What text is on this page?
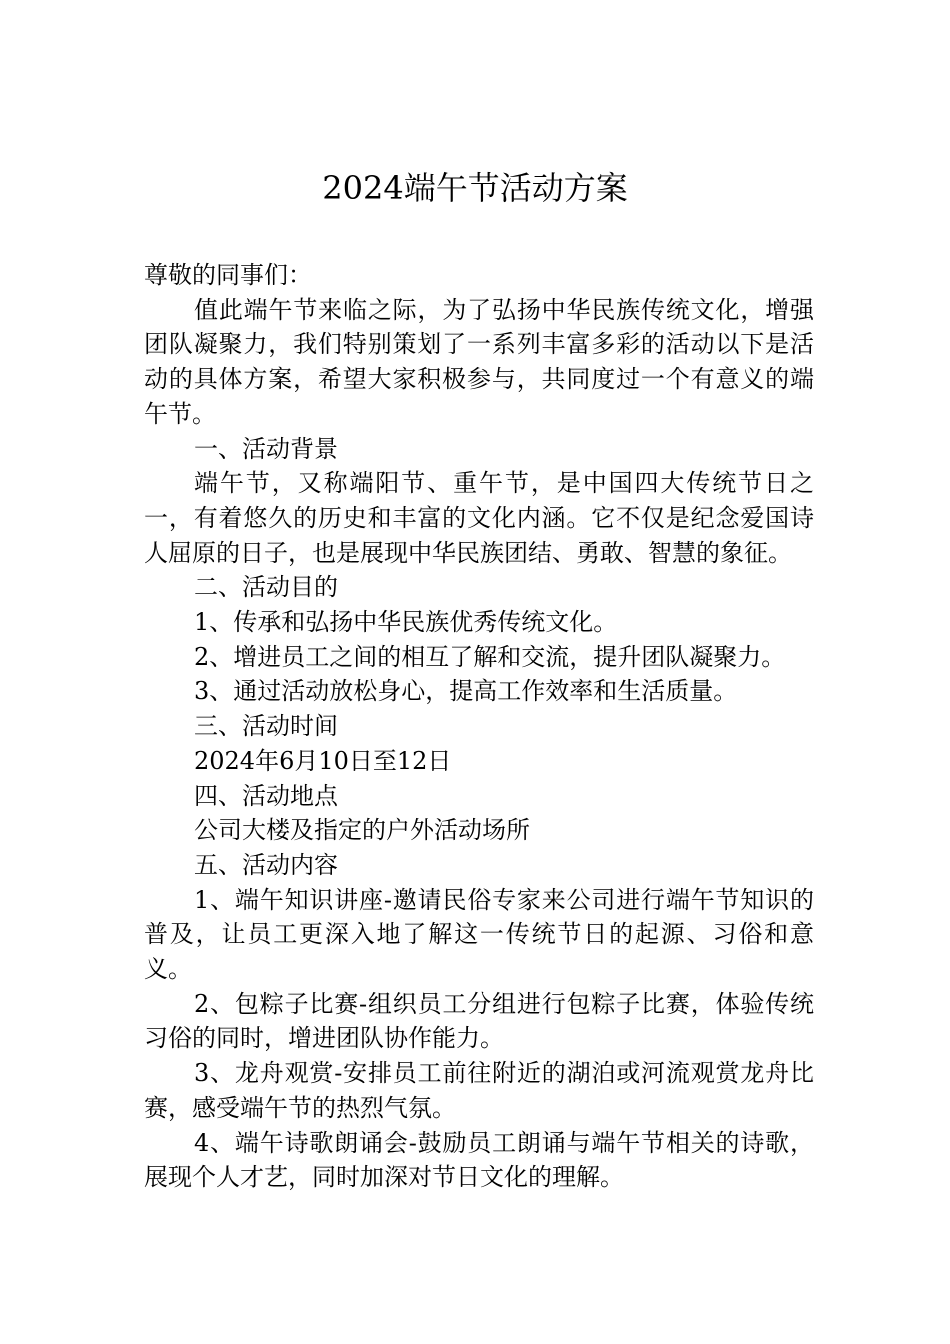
2024端午节活动方案

尊敬的同事们：

值此端午节来临之际，为了弘扬中华民族传统文化，增强团队凝聚力，我们特别策划了一系列丰富多彩的活动以下是活动的具体方案，希望大家积极参与，共同度过一个有意义的端午节。

一、活动背景

端午节，又称端阳节、重午节，是中国四大传统节日之一，有着悠久的历史和丰富的文化内涵。它不仅是纪念爱国诗人屈原的日子，也是展现中华民族团结、勇敢、智慧的象征。

二、活动目的

1、传承和弘扬中华民族优秀传统文化。

2、增进员工之间的相互了解和交流，提升团队凝聚力。

3、通过活动放松身心，提高工作效率和生活质量。

三、活动时间

2024年6月10日至12日

四、活动地点

公司大楼及指定的户外活动场所

五、活动内容

1、端午知识讲座-邀请民俗专家来公司进行端午节知识的普及，让员工更深入地了解这一传统节日的起源、习俗和意义。

2、包粽子比赛-组织员工分组进行包粽子比赛，体验传统习俗的同时，增进团队协作能力。

3、龙舟观赏-安排员工前往附近的湖泊或河流观赏龙舟比赛，感受端午节的热烈气氛。

4、端午诗歌朗诵会-鼓励员工朗诵与端午节相关的诗歌，展现个人才艺，同时加深对节日文化的理解。
